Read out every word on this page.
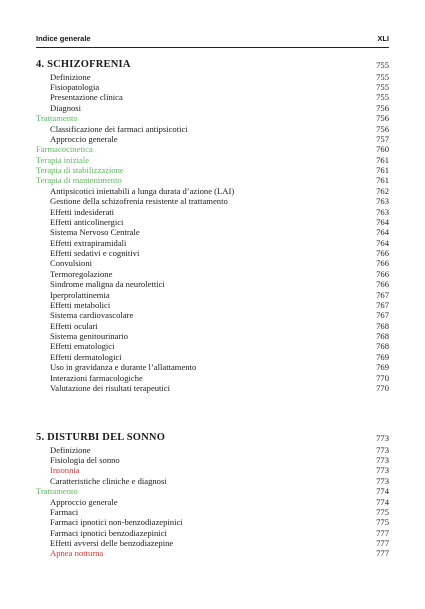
Indice generale	XLI
4. SCHIZOFRENIA	755
Definizione	755
Fisiopatologia	755
Presentazione clinica	755
Diagnosi	756
Trattamento	756
Classificazione dei farmaci antipsicotici	756
Approccio generale	757
Farmacocinetica	760
Terapia iniziale	761
Terapia di stabilizzazione	761
Terapia di mantenimento	761
Antipsicotici iniettabili a lunga durata d’azione (LAI)	762
Gestione della schizofrenia resistente al trattamento	763
Effetti indesiderati	763
Effetti anticolinergici	764
Sistema Nervoso Centrale	764
Effetti extrapiramidali	764
Effetti sedativi e cognitivi	766
Convulsioni	766
Termoregolazione	766
Sindrome maligna da neurolettici	766
Iperprolattinemia	767
Effetti metabolici	767
Sistema cardiovascolare	767
Effetti oculari	768
Sistema genitourinario	768
Effetti ematologici	768
Effetti dermatologici	769
Uso in gravidanza e durante l’allattamento	769
Interazioni farmacologiche	770
Valutazione dei risultati terapeutici	770
5. DISTURBI DEL SONNO	773
Definizione	773
Fisiologia del sonno	773
Insonnia	773
Caratteristiche cliniche e diagnosi	773
Trattamento	774
Approccio generale	774
Farmaci	775
Farmaci ipnotici non-benzodiazepinici	775
Farmaci ipnotici benzodiazepinici	777
Effetti avversi delle benzodiazepine	777
Apnea notturna	777
